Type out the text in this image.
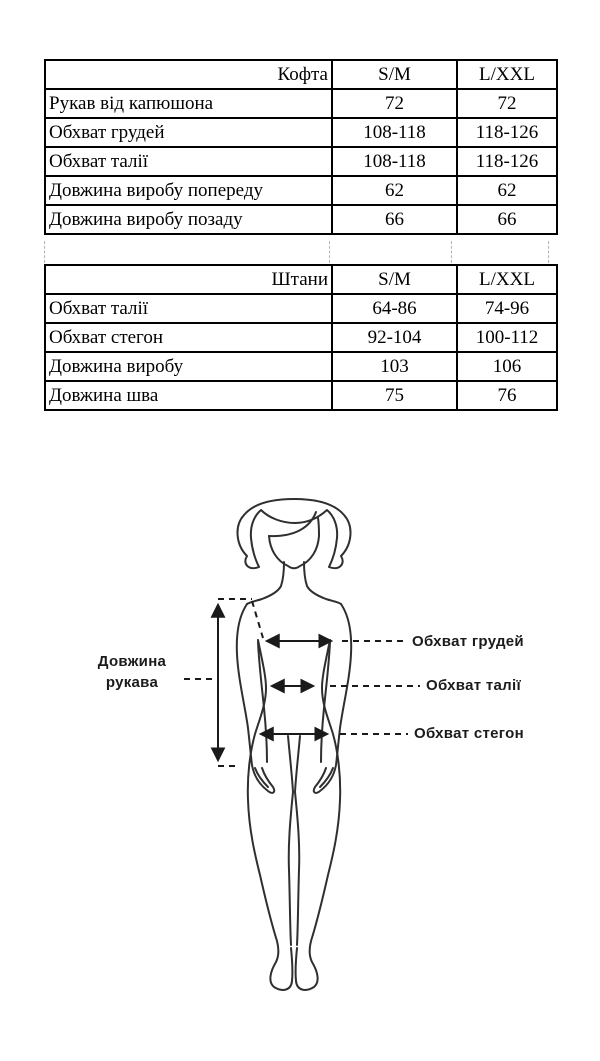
Кофта	S/M	L/XXL
Рукав від капюшона	72	72
Обхват грудей	108-118	118-126
Обхват талії	108-118	118-126
Довжина виробу попереду	62	62
Довжина виробу позаду	66	66
Штани	S/M	L/XXL
Обхват талії	64-86	74-96
Обхват стегон	92-104	100-112
Довжина виробу	103	106
Довжина шва	75	76
Довжина рукава
Обхват грудей
Обхват талії
Обхват стегон
